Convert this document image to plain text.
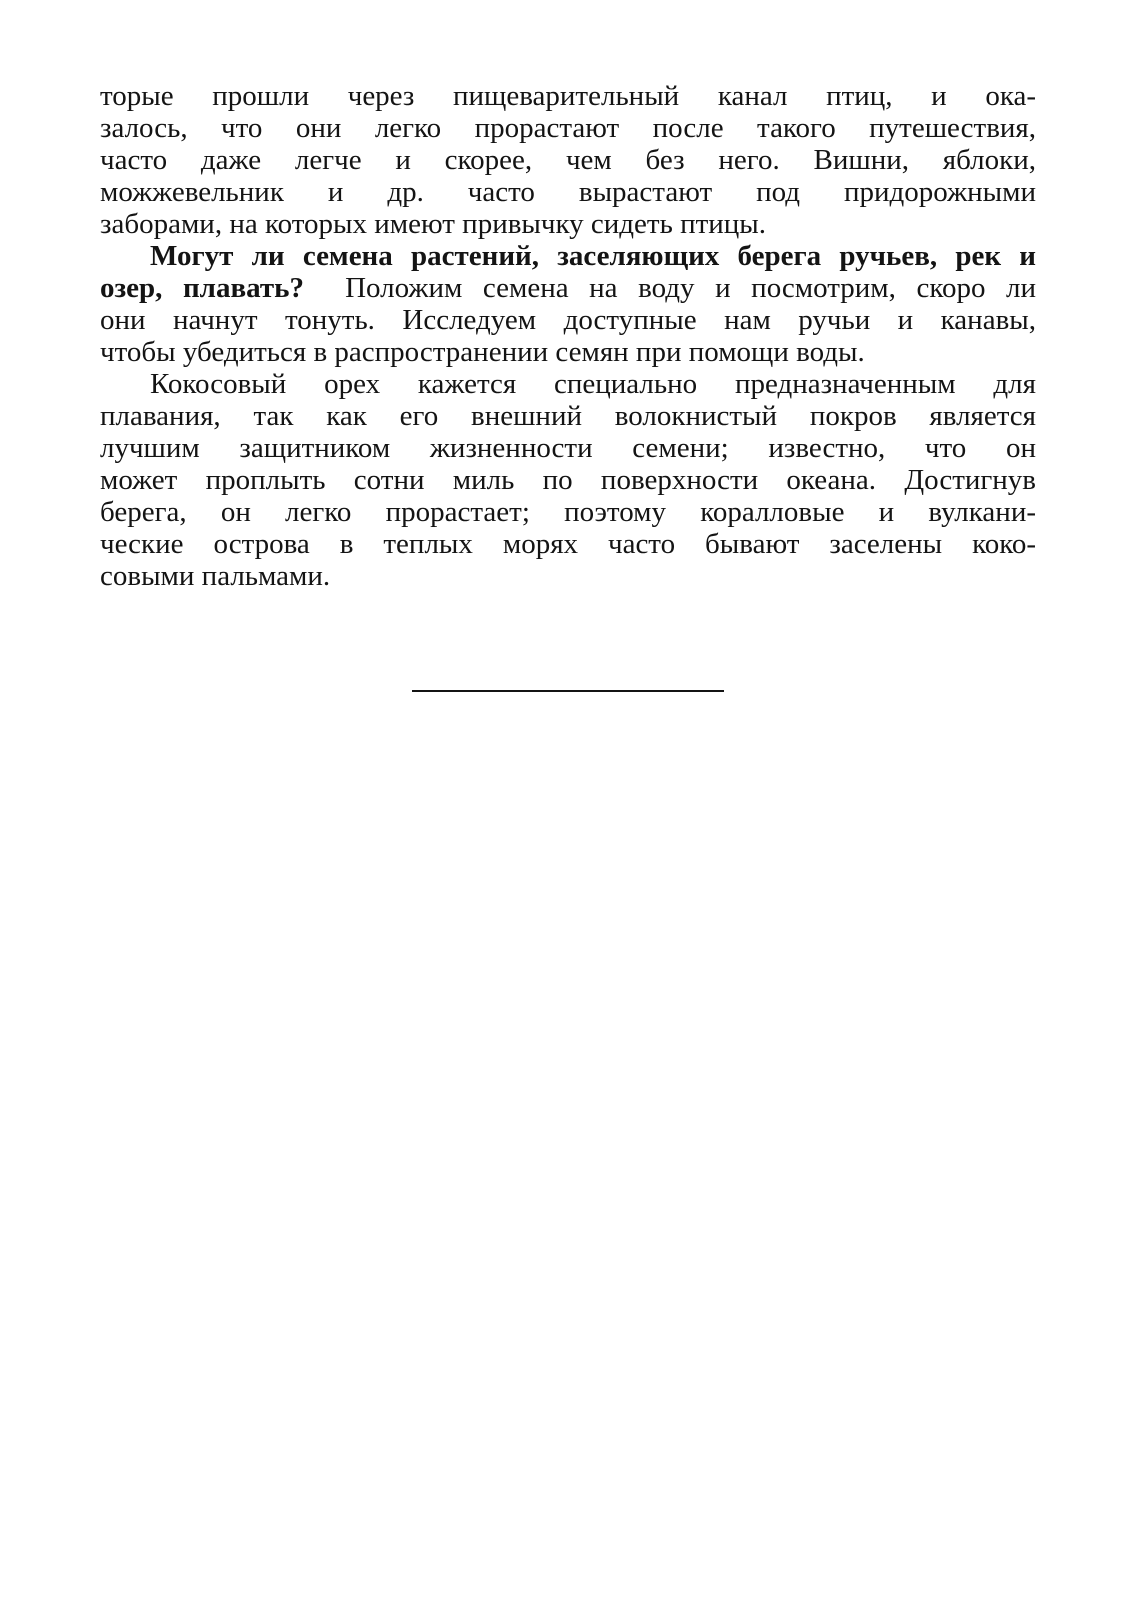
торые прошли через пищеварительный канал птиц, и ока-
залось, что они легко прорастают после такого путешествия,
часто даже легче и скорее, чем без него. Вишни, яблоки,
можжевельник и др. часто вырастают под придорожными
заборами, на которых имеют привычку сидеть птицы.
Могут ли семена растений, заселяющих берега ручьев, рек и
озер, плавать? Положим семена на воду и посмотрим, скоро ли
они начнут тонуть. Исследуем доступные нам ручьи и канавы,
чтобы убедиться в распространении семян при помощи воды.
Кокосовый орех кажется специально предназначенным для
плавания, так как его внешний волокнистый покров является
лучшим защитником жизненности семени; известно, что он
может проплыть сотни миль по поверхности океана. Достигнув
берега, он легко прорастает; поэтому коралловые и вулкани-
ческие острова в теплых морях часто бывают заселены коко-
совыми пальмами.
